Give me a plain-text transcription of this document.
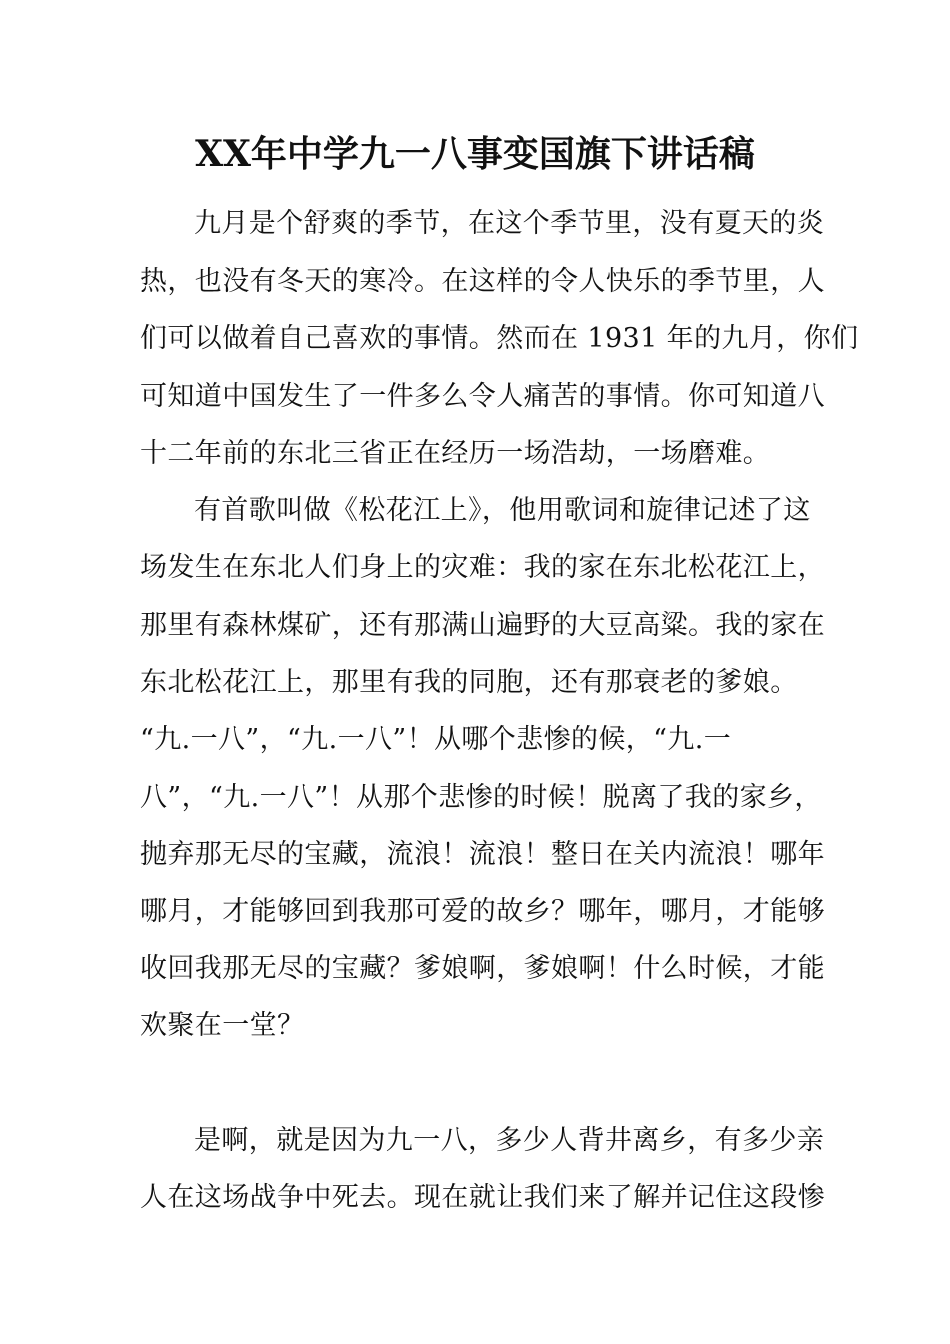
XX年中学九一八事变国旗下讲话稿
九月是个舒爽的季节，在这个季节里，没有夏天的炎
热，也没有冬天的寒冷。在这样的令人快乐的季节里，人
们可以做着自己喜欢的事情。然而在 1931 年的九月，你们
可知道中国发生了一件多么令人痛苦的事情。你可知道八
十二年前的东北三省正在经历一场浩劫，一场磨难。
有首歌叫做《松花江上》，他用歌词和旋律记述了这
场发生在东北人们身上的灾难：我的家在东北松花江上，
那里有森林煤矿，还有那满山遍野的大豆高粱。我的家在
东北松花江上，那里有我的同胞，还有那衰老的爹娘。
“九.一八”，“九.一八”！从哪个悲惨的候，“九.一
八”，“九.一八”！从那个悲惨的时候！脱离了我的家乡，
抛弃那无尽的宝藏，流浪！流浪！整日在关内流浪！哪年
哪月，才能够回到我那可爱的故乡？哪年，哪月，才能够
收回我那无尽的宝藏？爹娘啊，爹娘啊！什么时候，才能
欢聚在一堂？
是啊，就是因为九一八，多少人背井离乡，有多少亲
人在这场战争中死去。现在就让我们来了解并记住这段惨
